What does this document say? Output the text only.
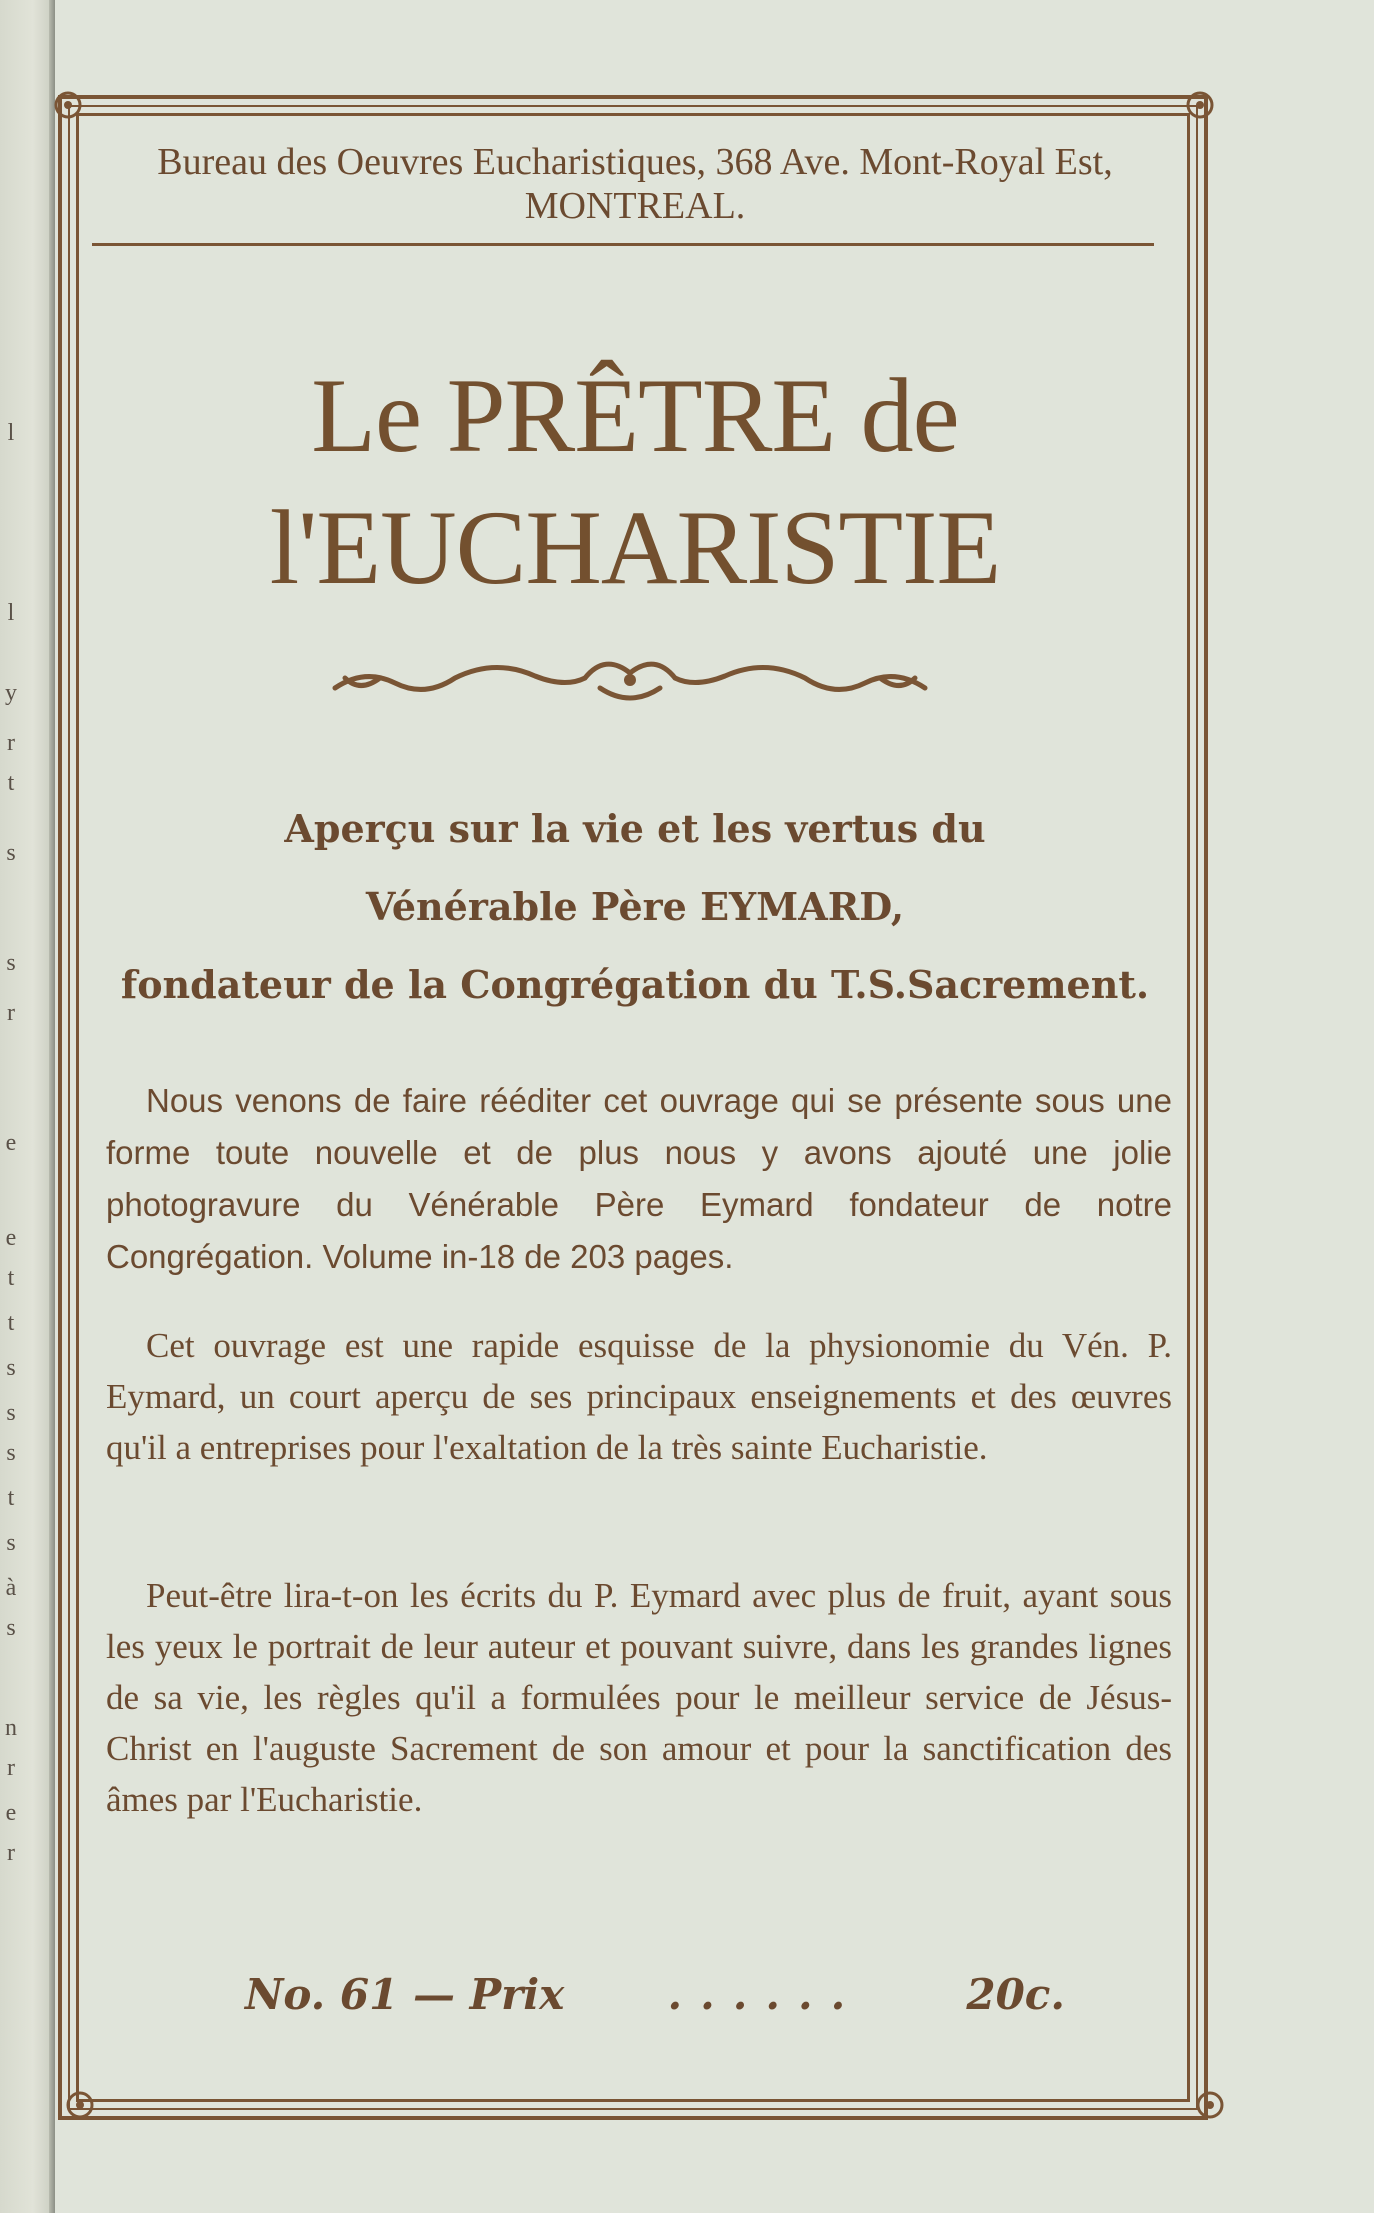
l
l
y
r
t
s
s
r
e
e
t
t
s
s
s
t
s
à
s
n
r
e
r
Bureau des Oeuvres Eucharistiques, 368 Ave. Mont-Royal Est,
MONTREAL.
Le PRÊTRE de
l'EUCHARISTIE
Aperçu sur la vie et les vertus du
Vénérable Père EYMARD,
fondateur de la Congrégation du T.S.Sacrement.
Nous venons de faire rééditer cet ouvrage qui se présente sous une forme toute nouvelle et de plus nous y avons ajouté une jolie photogravure du Vénérable Père Eymard fondateur de notre Congrégation. Volume in-18 de 203 pages.
Cet ouvrage est une rapide esquisse de la physionomie du Vén. P. Eymard, un court aperçu de ses principaux enseignements et des œuvres qu'il a entreprises pour l'exaltation de la très sainte Eucharistie.
Peut-être lira-t-on les écrits du P. Eymard avec plus de fruit, ayant sous les yeux le portrait de leur auteur et pouvant suivre, dans les grandes lignes de sa vie, les règles qu'il a formulées pour le meilleur service de Jésus-Christ en l'auguste Sacrement de son amour et pour la sanctification des âmes par l'Eucharistie.
No. 61 — Prix	......	20c.
